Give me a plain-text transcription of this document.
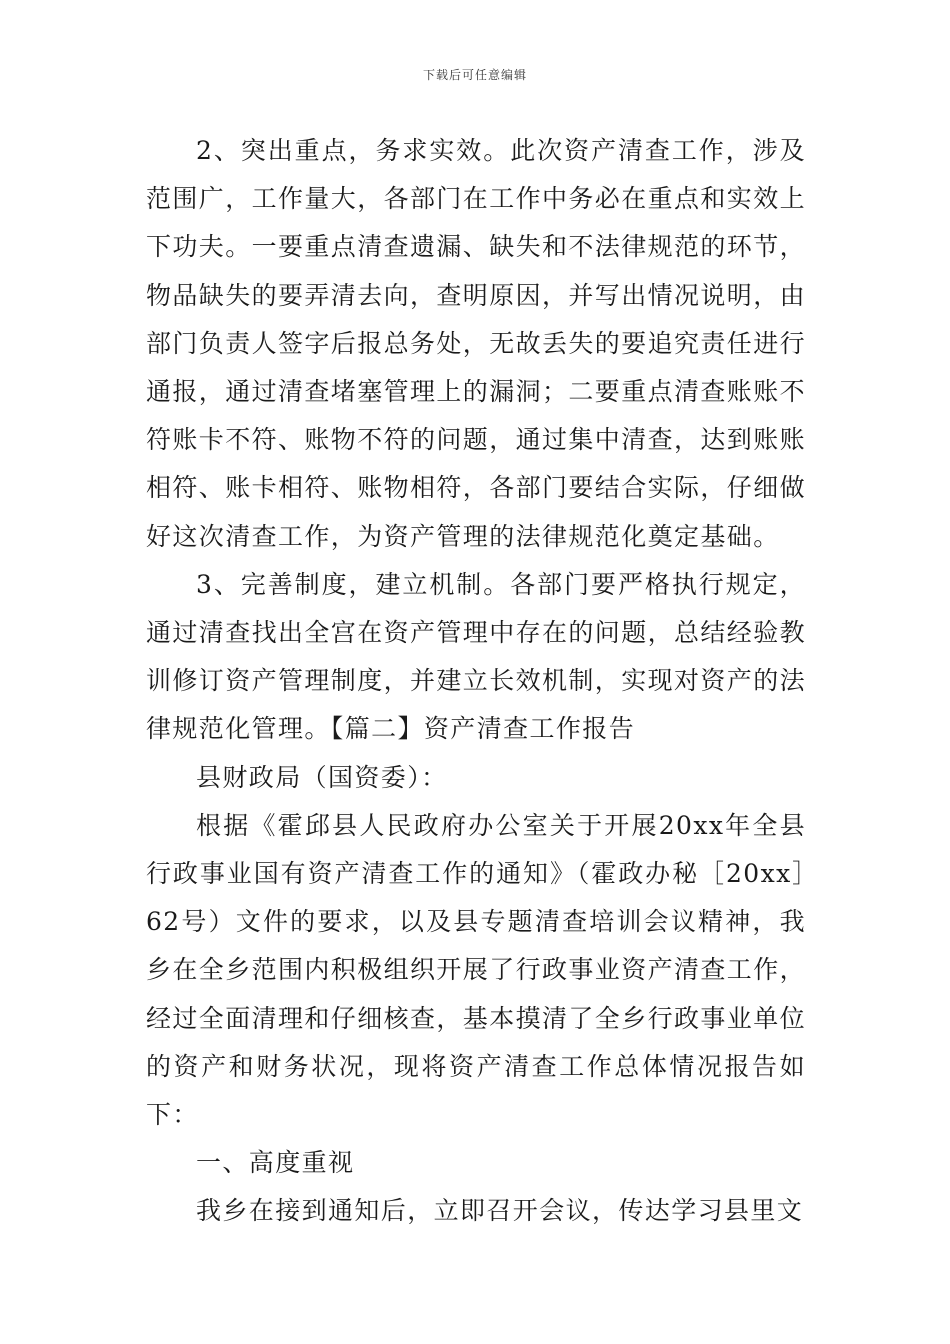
下载后可任意编辑

2、突出重点，务求实效。此次资产清查工作，涉及范围广，工作量大，各部门在工作中务必在重点和实效上下功夫。一要重点清查遗漏、缺失和不法律规范的环节，物品缺失的要弄清去向，查明原因，并写出情况说明，由部门负责人签字后报总务处，无故丢失的要追究责任进行通报，通过清查堵塞管理上的漏洞；二要重点清查账账不符账卡不符、账物不符的问题，通过集中清查，达到账账相符、账卡相符、账物相符，各部门要结合实际，仔细做好这次清查工作，为资产管理的法律规范化奠定基础。

3、完善制度，建立机制。各部门要严格执行规定，通过清查找出全宫在资产管理中存在的问题，总结经验教训修订资产管理制度，并建立长效机制，实现对资产的法律规范化管理。【篇二】资产清查工作报告

县财政局（国资委）：

根据《霍邱县人民政府办公室关于开展20xx年全县行政事业国有资产清查工作的通知》（霍政办秘［20xx］62号）文件的要求，以及县专题清查培训会议精神，我乡在全乡范围内积极组织开展了行政事业资产清查工作，经过全面清理和仔细核查，基本摸清了全乡行政事业单位的资产和财务状况，现将资产清查工作总体情况报告如下：

一、高度重视

我乡在接到通知后，立即召开会议，传达学习县里文
